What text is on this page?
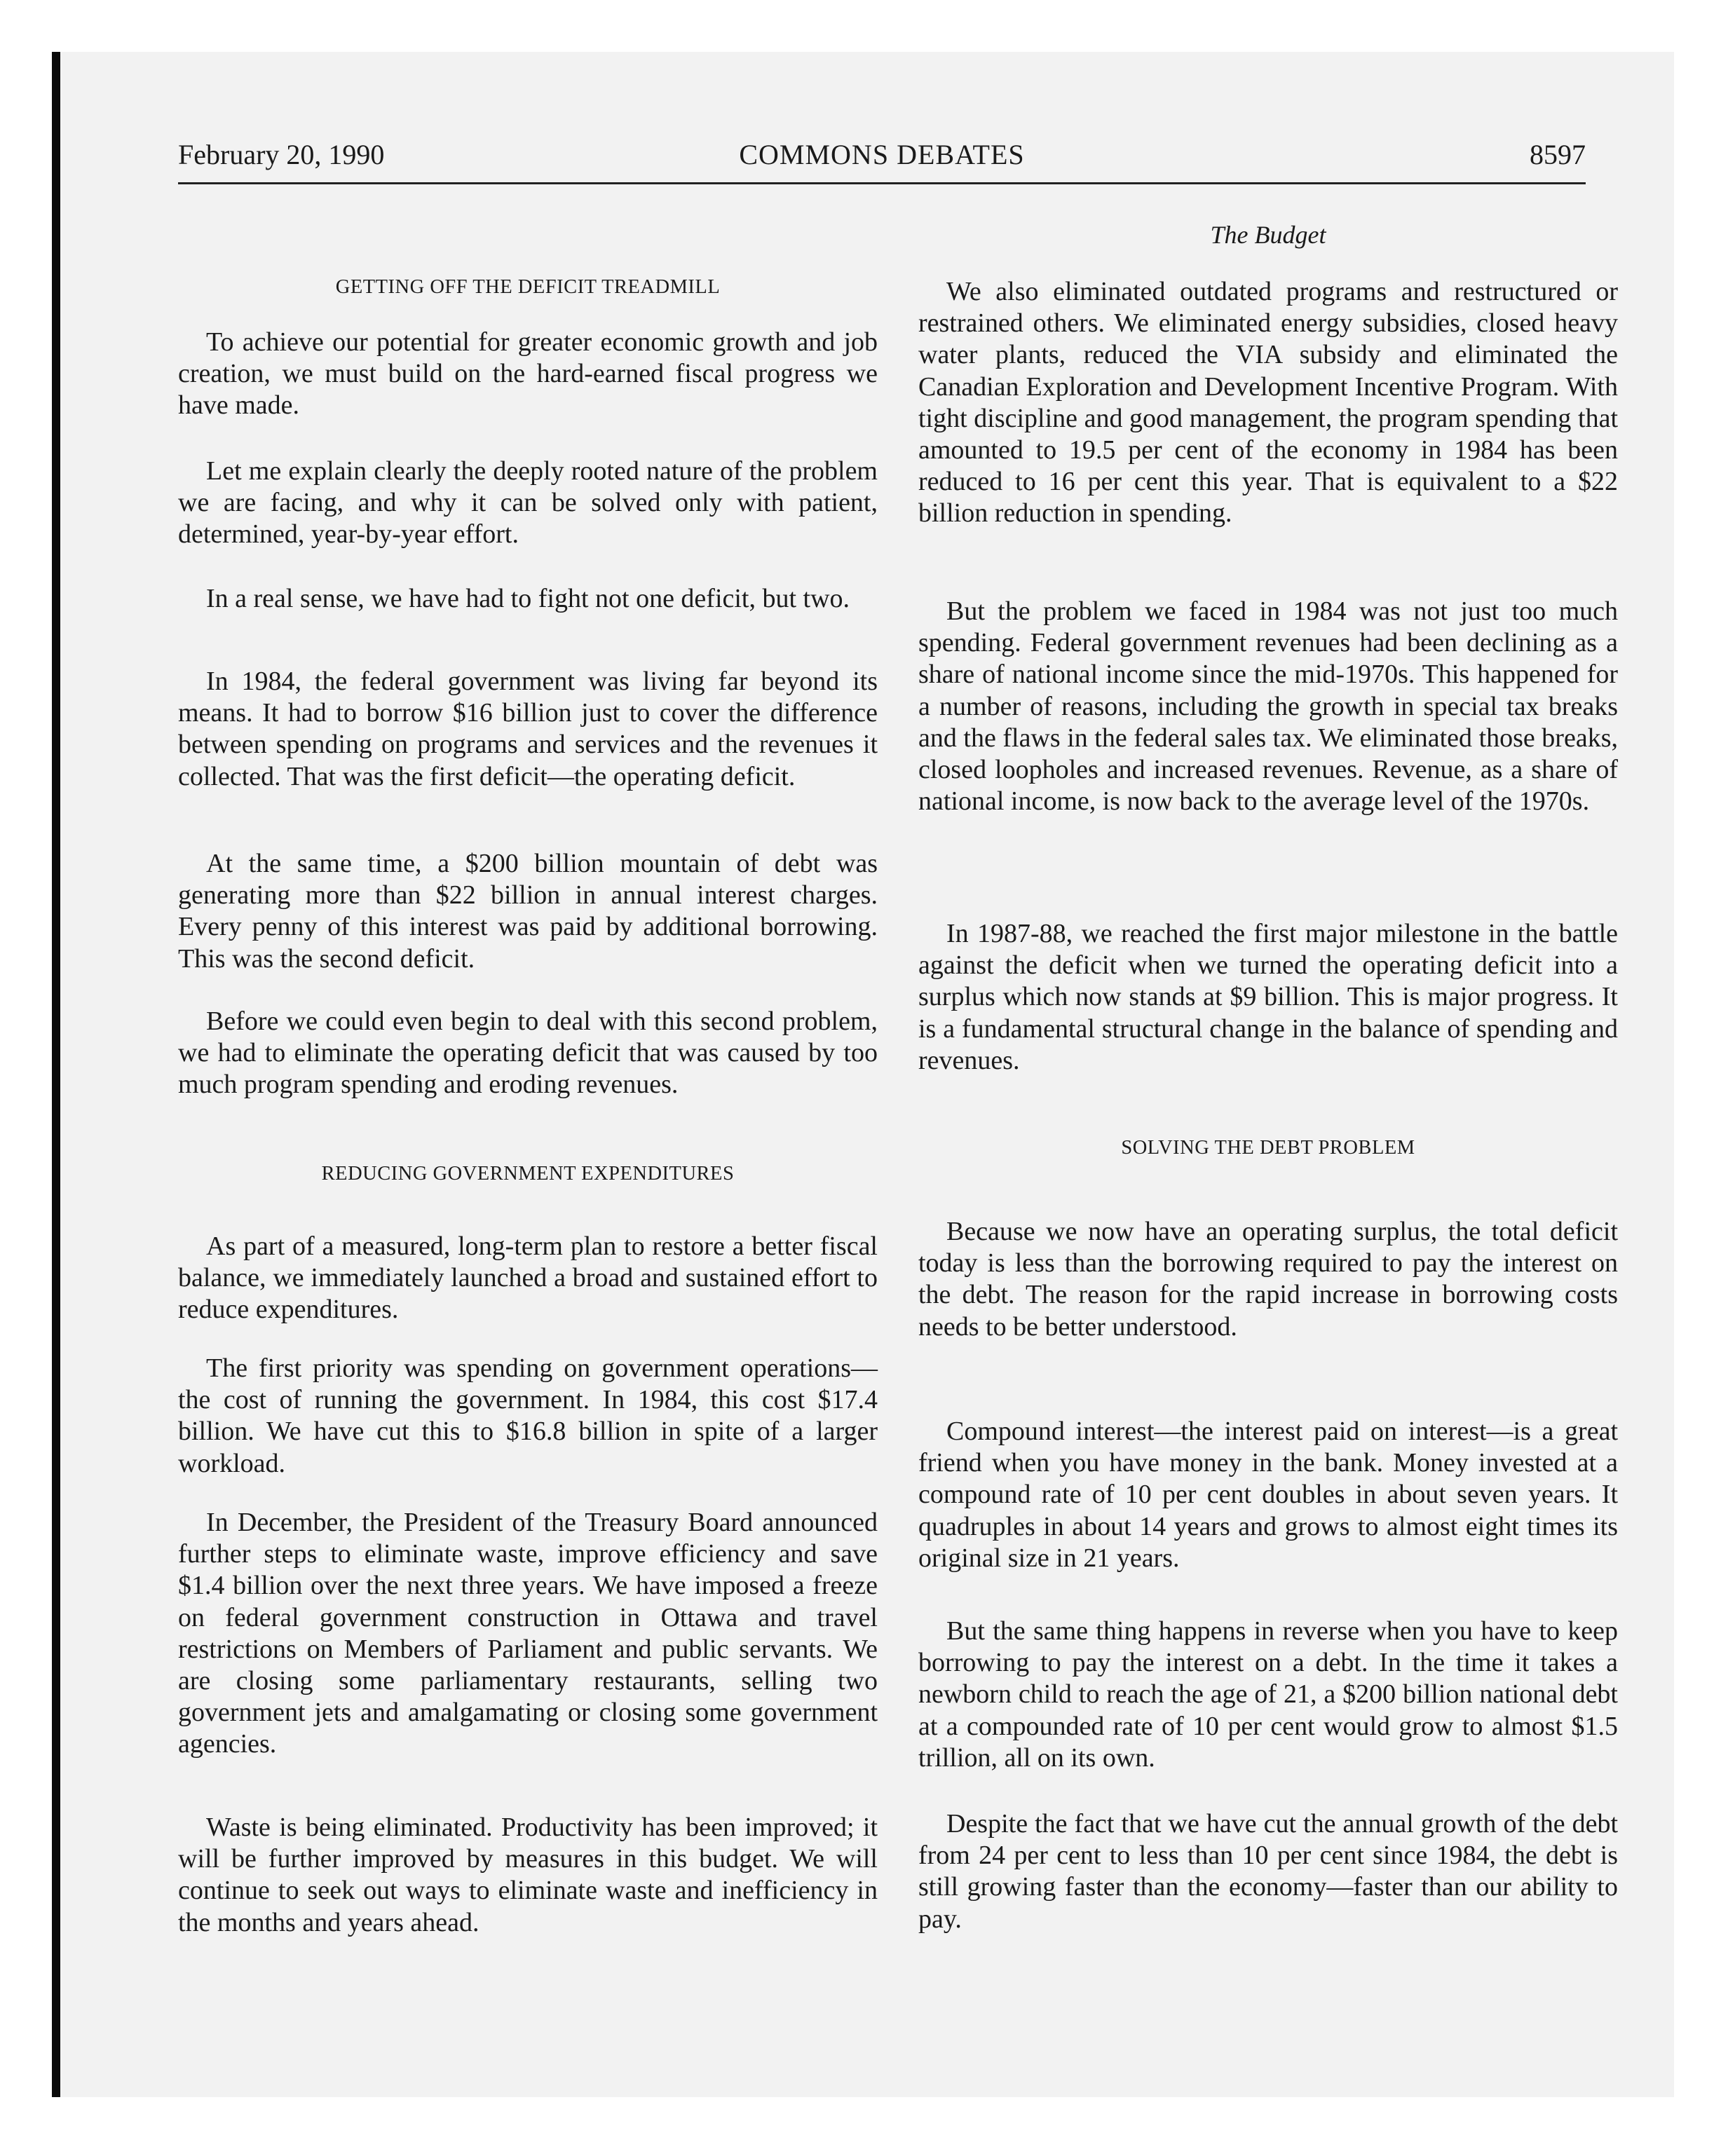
February 20, 1990	COMMONS DEBATES	8597
GETTING OFF THE DEFICIT TREADMILL

To achieve our potential for greater economic growth and job creation, we must build on the hard-earned fiscal progress we have made.

Let me explain clearly the deeply rooted nature of the problem we are facing, and why it can be solved only with patient, determined, year-by-year effort.

In a real sense, we have had to fight not one deficit, but two.

In 1984, the federal government was living far beyond its means. It had to borrow $16 billion just to cover the difference between spending on programs and services and the revenues it collected. That was the first deficit—the operating deficit.

At the same time, a $200 billion mountain of debt was generating more than $22 billion in annual interest charges. Every penny of this interest was paid by additional borrowing. This was the second deficit.

Before we could even begin to deal with this second problem, we had to eliminate the operating deficit that was caused by too much program spending and eroding revenues.

REDUCING GOVERNMENT EXPENDITURES

As part of a measured, long-term plan to restore a better fiscal balance, we immediately launched a broad and sustained effort to reduce expenditures.

The first priority was spending on government operations—the cost of running the government. In 1984, this cost $17.4 billion. We have cut this to $16.8 billion in spite of a larger workload.

In December, the President of the Treasury Board announced further steps to eliminate waste, improve efficiency and save $1.4 billion over the next three years. We have imposed a freeze on federal government construction in Ottawa and travel restrictions on Members of Parliament and public servants. We are closing some parliamentary restaurants, selling two government jets and amalgamating or closing some government agencies.

Waste is being eliminated. Productivity has been improved; it will be further improved by measures in this budget. We will continue to seek out ways to eliminate waste and inefficiency in the months and years ahead.

The Budget

We also eliminated outdated programs and restructured or restrained others. We eliminated energy subsidies, closed heavy water plants, reduced the VIA subsidy and eliminated the Canadian Exploration and Development Incentive Program. With tight discipline and good management, the program spending that amounted to 19.5 per cent of the economy in 1984 has been reduced to 16 per cent this year. That is equivalent to a $22 billion reduction in spending.

But the problem we faced in 1984 was not just too much spending. Federal government revenues had been declining as a share of national income since the mid-1970s. This happened for a number of reasons, including the growth in special tax breaks and the flaws in the federal sales tax. We eliminated those breaks, closed loopholes and increased revenues. Revenue, as a share of national income, is now back to the average level of the 1970s.

In 1987-88, we reached the first major milestone in the battle against the deficit when we turned the operating deficit into a surplus which now stands at $9 billion. This is major progress. It is a fundamental structural change in the balance of spending and revenues.

SOLVING THE DEBT PROBLEM

Because we now have an operating surplus, the total deficit today is less than the borrowing required to pay the interest on the debt. The reason for the rapid increase in borrowing costs needs to be better understood.

Compound interest—the interest paid on interest—is a great friend when you have money in the bank. Money invested at a compound rate of 10 per cent doubles in about seven years. It quadruples in about 14 years and grows to almost eight times its original size in 21 years.

But the same thing happens in reverse when you have to keep borrowing to pay the interest on a debt. In the time it takes a newborn child to reach the age of 21, a $200 billion national debt at a compounded rate of 10 per cent would grow to almost $1.5 trillion, all on its own.

Despite the fact that we have cut the annual growth of the debt from 24 per cent to less than 10 per cent since 1984, the debt is still growing faster than the economy—faster than our ability to pay.
